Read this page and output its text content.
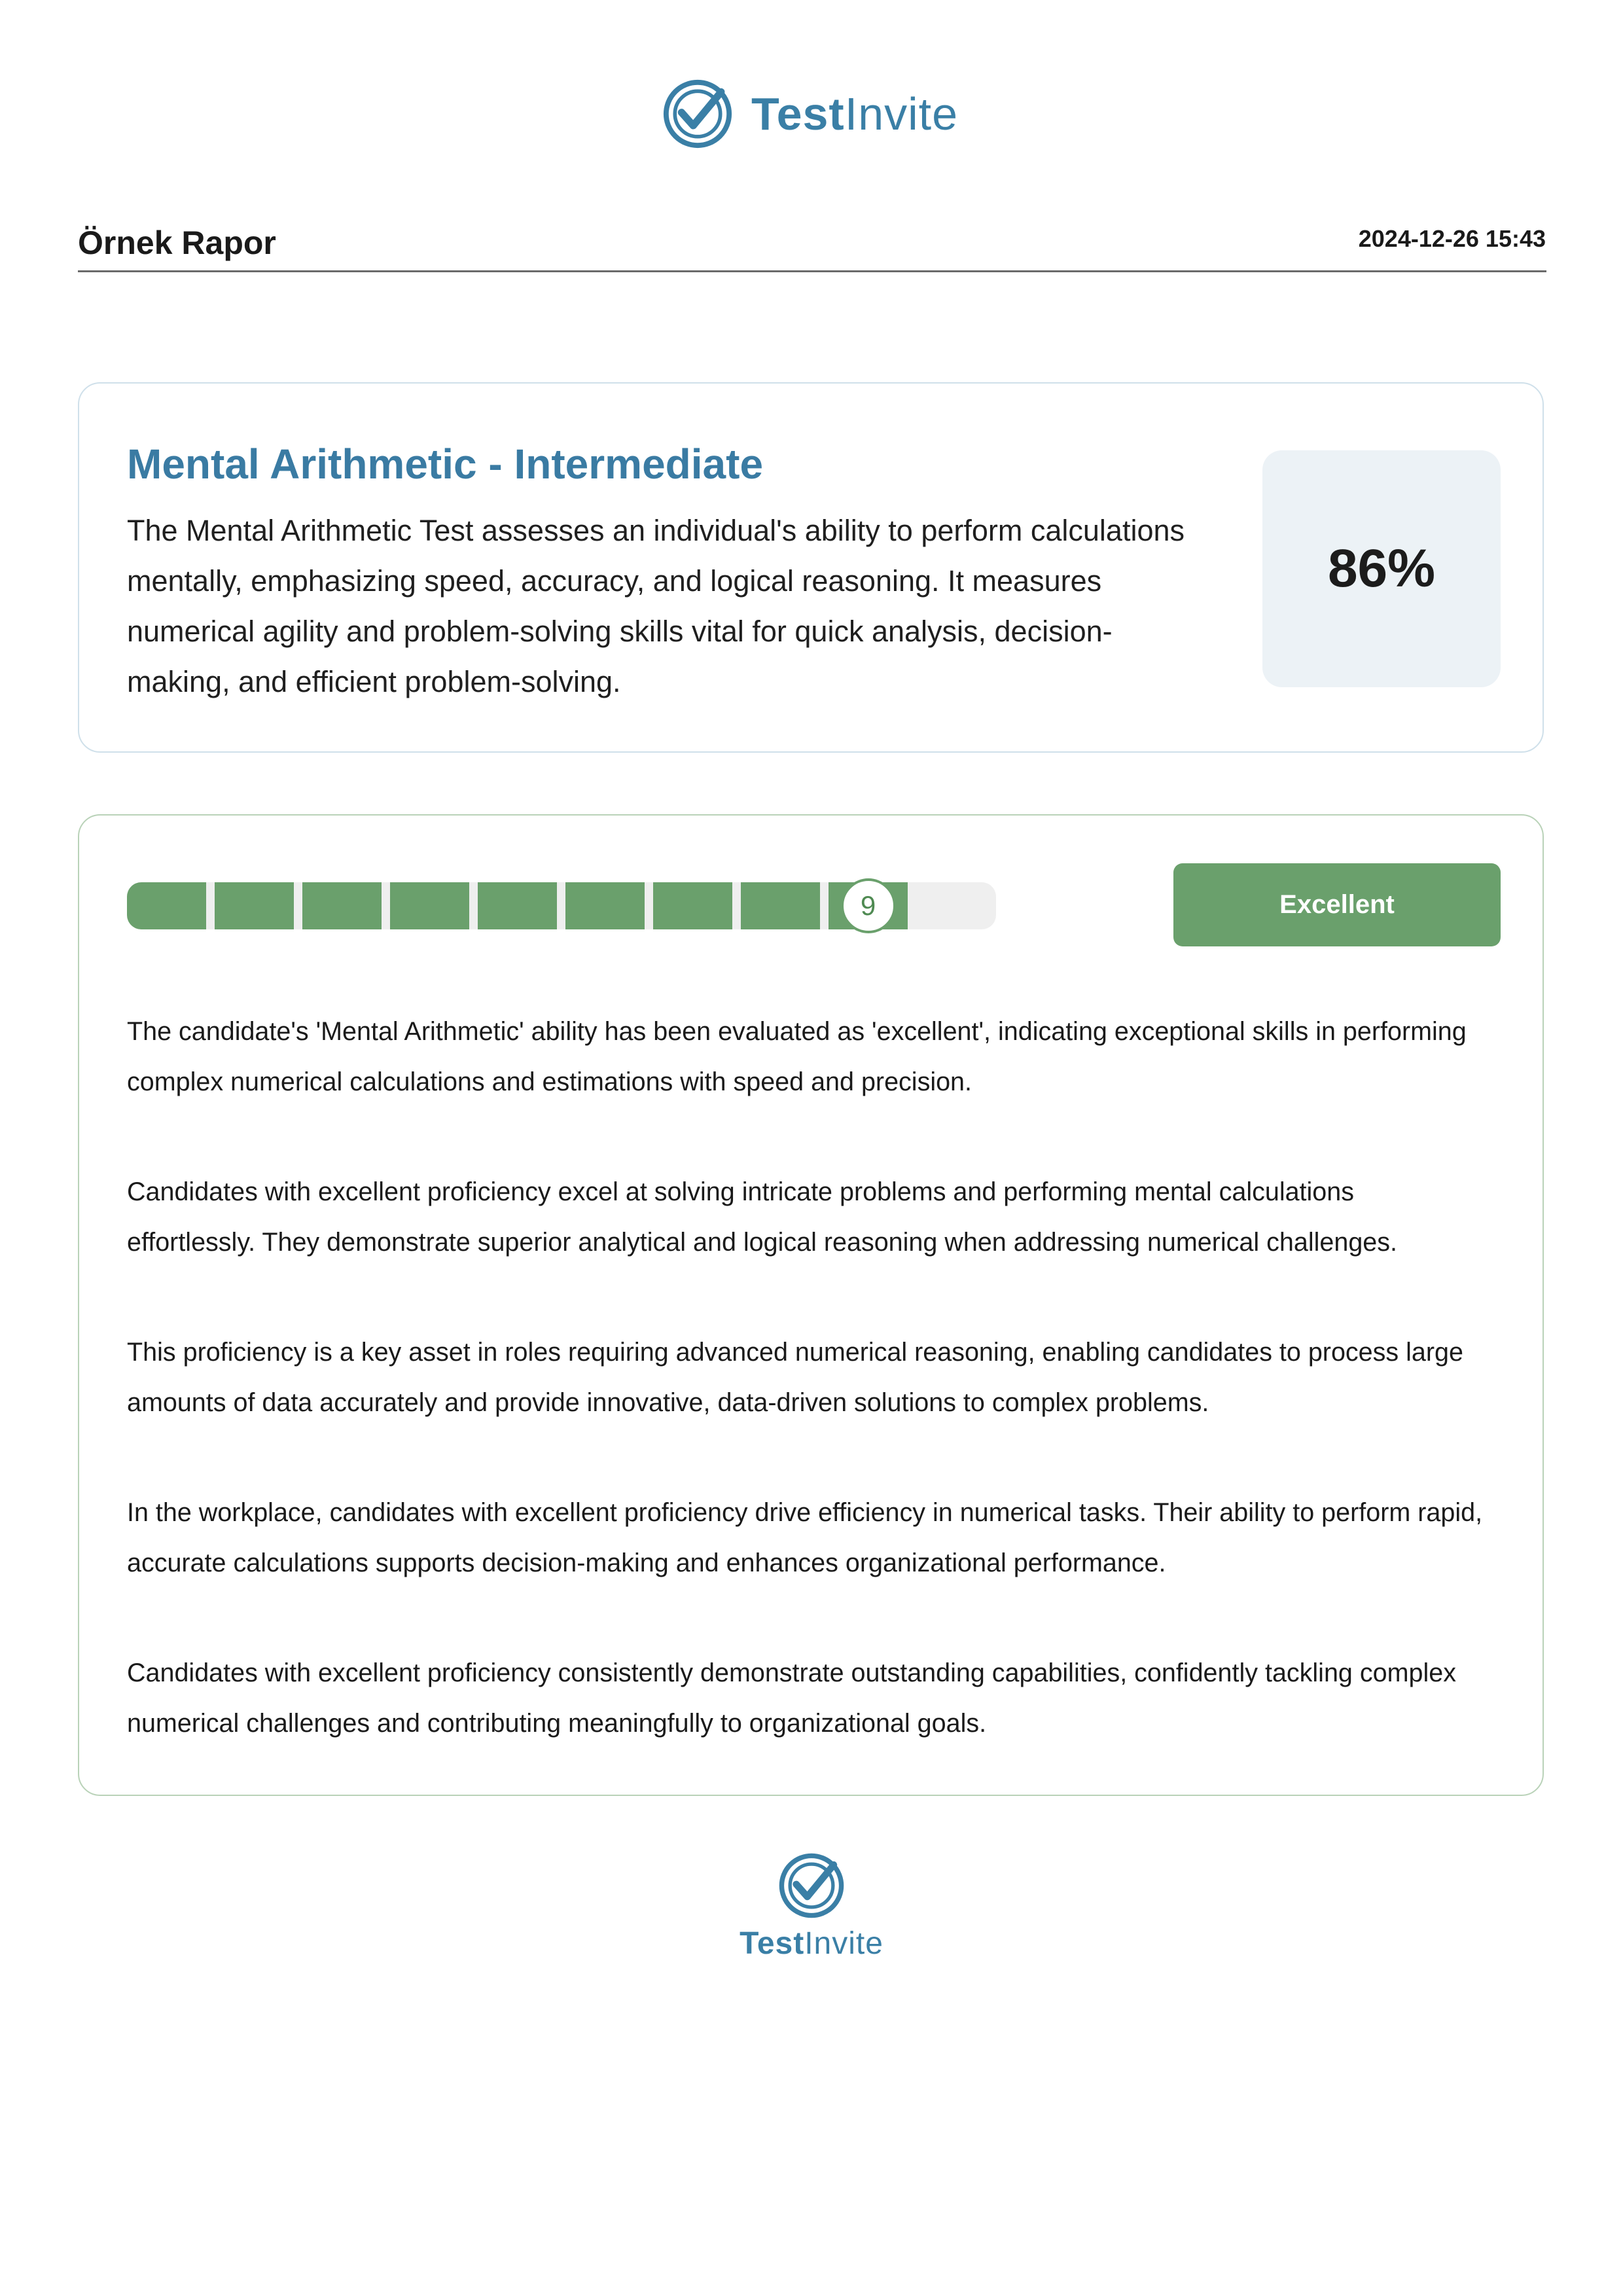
TestInvite
Örnek Rapor	2024-12-26 15:43
Mental Arithmetic - Intermediate

The Mental Arithmetic Test assesses an individual's ability to perform calculations mentally, emphasizing speed, accuracy, and logical reasoning. It measures numerical agility and problem-solving skills vital for quick analysis, decision-making, and efficient problem-solving.

86%
9	Excellent

The candidate's 'Mental Arithmetic' ability has been evaluated as 'excellent', indicating exceptional skills in performing complex numerical calculations and estimations with speed and precision.

Candidates with excellent proficiency excel at solving intricate problems and performing mental calculations effortlessly. They demonstrate superior analytical and logical reasoning when addressing numerical challenges.

This proficiency is a key asset in roles requiring advanced numerical reasoning, enabling candidates to process large amounts of data accurately and provide innovative, data-driven solutions to complex problems.

In the workplace, candidates with excellent proficiency drive efficiency in numerical tasks. Their ability to perform rapid, accurate calculations supports decision-making and enhances organizational performance.

Candidates with excellent proficiency consistently demonstrate outstanding capabilities, confidently tackling complex numerical challenges and contributing meaningfully to organizational goals.

TestInvite
